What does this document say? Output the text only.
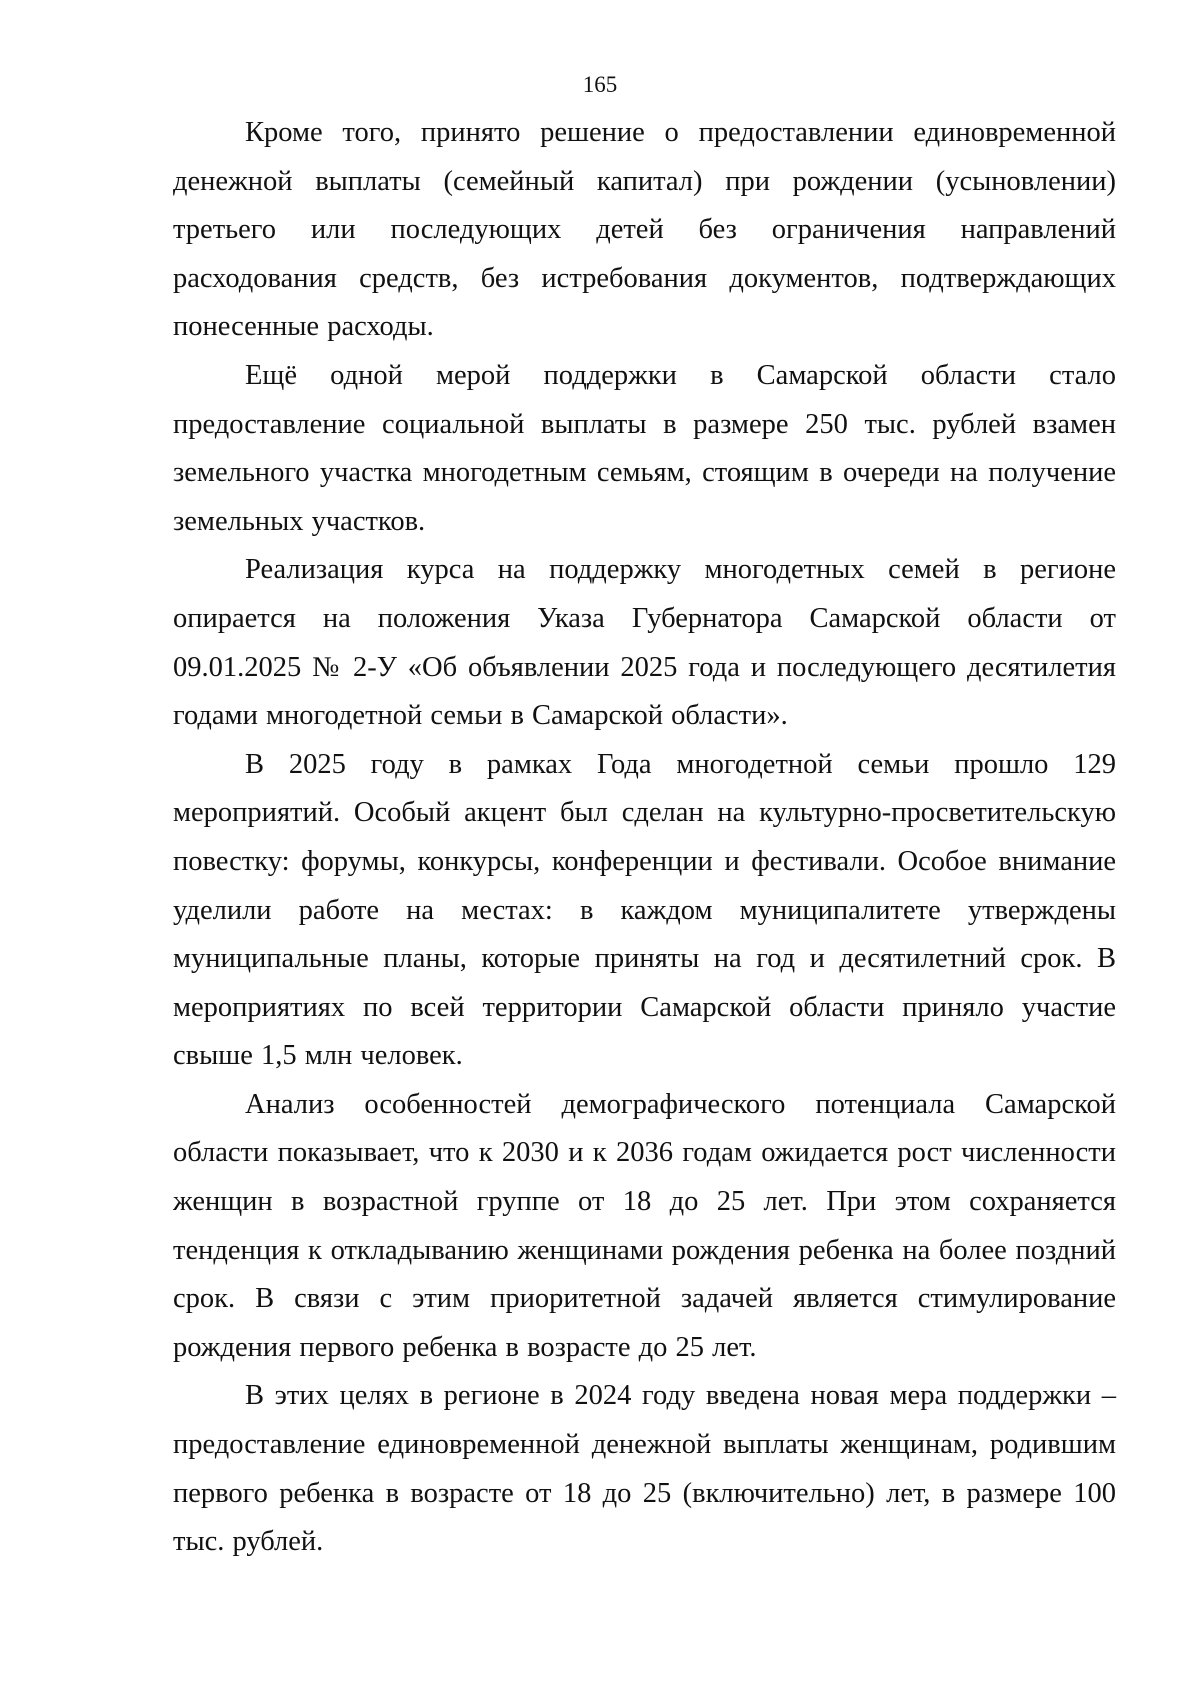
165

Кроме того, принято решение о предоставлении единовременной денежной выплаты (семейный капитал) при рождении (усыновлении) третьего или последующих детей без ограничения направлений расходования средств, без истребования документов, подтверждающих понесенные расходы.

Ещё одной мерой поддержки в Самарской области стало предоставление социальной выплаты в размере 250 тыс. рублей взамен земельного участка многодетным семьям, стоящим в очереди на получение земельных участков.

Реализация курса на поддержку многодетных семей в регионе опирается на положения Указа Губернатора Самарской области от 09.01.2025 № 2-У «Об объявлении 2025 года и последующего десятилетия годами многодетной семьи в Самарской области».

В 2025 году в рамках Года многодетной семьи прошло 129 мероприятий. Особый акцент был сделан на культурно-просветительскую повестку: форумы, конкурсы, конференции и фестивали. Особое внимание уделили работе на местах: в каждом муниципалитете утверждены муниципальные планы, которые приняты на год и десятилетний срок. В мероприятиях по всей территории Самарской области приняло участие свыше 1,5 млн человек.

Анализ особенностей демографического потенциала Самарской области показывает, что к 2030 и к 2036 годам ожидается рост численности женщин в возрастной группе от 18 до 25 лет. При этом сохраняется тенденция к откладыванию женщинами рождения ребенка на более поздний срок. В связи с этим приоритетной задачей является стимулирование рождения первого ребенка в возрасте до 25 лет.

В этих целях в регионе в 2024 году введена новая мера поддержки – предоставление единовременной денежной выплаты женщинам, родившим первого ребенка в возрасте от 18 до 25 (включительно) лет, в размере 100 тыс. рублей.
